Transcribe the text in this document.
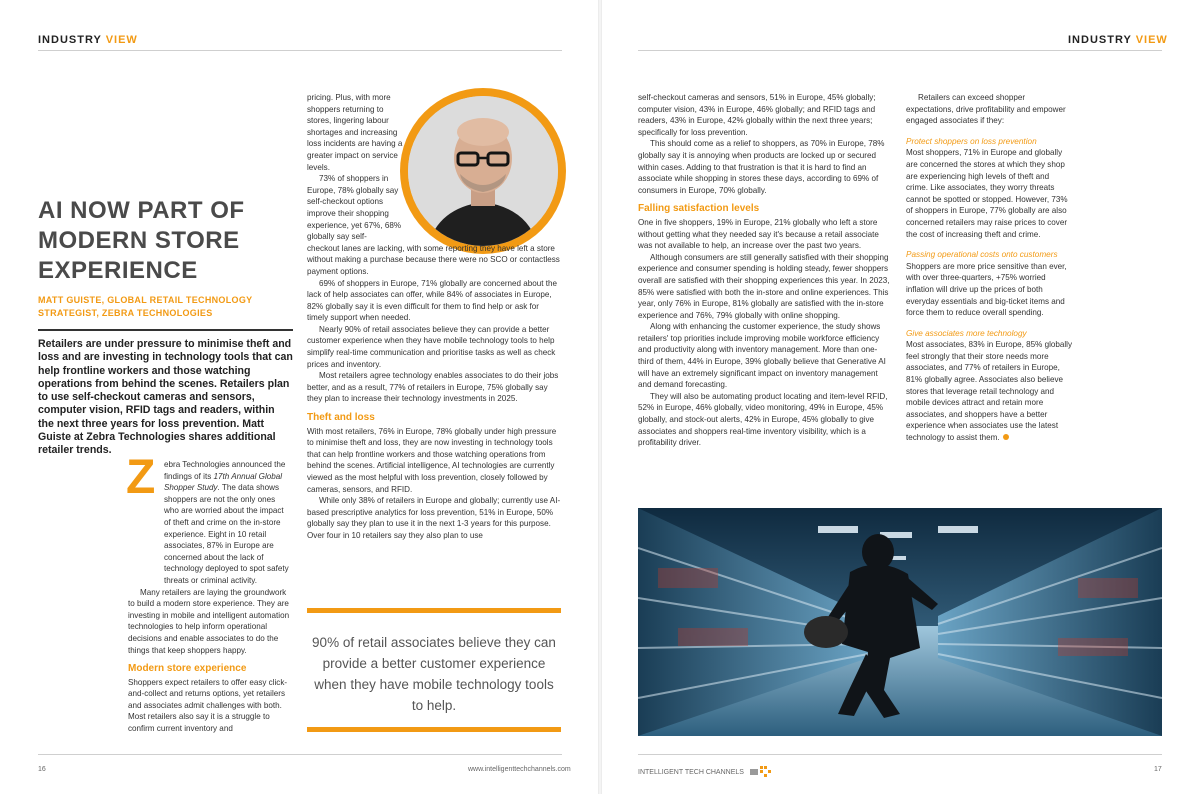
INDUSTRY VIEW
AI NOW PART OF MODERN STORE EXPERIENCE
MATT GUISTE, GLOBAL RETAIL TECHNOLOGY STRATEGIST, ZEBRA TECHNOLOGIES
Retailers are under pressure to minimise theft and loss and are investing in technology tools that can help frontline workers and those watching operations from behind the scenes. Retailers plan to use self-checkout cameras and sensors, computer vision, RFID tags and readers, within the next three years for loss prevention. Matt Guiste at Zebra Technologies shares additional retailer trends.

ebra Technologies announced the findings of its 17th Annual Global Shopper Study. The data shows shoppers are not the only ones who are worried about the impact of theft and crime on the in-store experience. Eight in 10 retail associates, 87% in Europe are concerned about the lack of technology deployed to spot safety threats or criminal activity.

Many retailers are laying the groundwork to build a modern store experience. They are investing in mobile and intelligent automation technologies to help inform operational decisions and enable associates to do the things that keep shoppers happy.

Modern store experience

Shoppers expect retailers to offer easy click-and-collect and returns options, yet retailers and associates admit challenges with both. Most retailers also say it is a struggle to confirm current inventory and

Z

pricing. Plus, with more shoppers returning to stores, lingering labour shortages and increasing loss incidents are having a greater impact on service levels.

73% of shoppers in Europe, 78% globally say self-checkout options improve their shopping experience, yet 67%, 68% globally say self-

checkout lanes are lacking, with some reporting they have left a store without making a purchase because there were no SCO or contactless payment options.

69% of shoppers in Europe, 71% globally are concerned about the lack of help associates can offer, while 84% of associates in Europe, 82% globally say it is even difficult for them to find help or ask for timely support when needed.

Nearly 90% of retail associates believe they can provide a better customer experience when they have mobile technology tools to help simplify real-time communication and prioritise tasks as well as check prices and inventory.

Most retailers agree technology enables associates to do their jobs better, and as a result, 77% of retailers in Europe, 75% globally say they plan to increase their technology investments in 2025.

Theft and loss

With most retailers, 76% in Europe, 78% globally under high pressure to minimise theft and loss, they are now investing in technology tools that can help frontline workers and those watching operations from behind the scenes. Artificial intelligence, AI technologies are currently viewed as the most helpful with loss prevention, closely followed by cameras, sensors, and RFID.

While only 38% of retailers in Europe and globally; currently use AI-based prescriptive analytics for loss prevention, 51% in Europe, 50% globally say they plan to use it in the next 1-3 years for this purpose. Over four in 10 retailers say they also plan to use

90% of retail associates believe they can provide a better customer experience when they have mobile technology tools to help.
16	www.intelligenttechchannels.com
INDUSTRY VIEW

self-checkout cameras and sensors, 51% in Europe, 45% globally; computer vision, 43% in Europe, 46% globally; and RFID tags and readers, 43% in Europe, 42% globally within the next three years; specifically for loss prevention.

This should come as a relief to shoppers, as 70% in Europe, 78% globally say it is annoying when products are locked up or secured within cases. Adding to that frustration is that it is hard to find an associate while shopping in stores these days, according to 69% of consumers in Europe, 70% globally.

Falling satisfaction levels

One in five shoppers, 19% in Europe, 21% globally who left a store without getting what they needed say it's because a retail associate was not available to help, an increase over the past two years.

Although consumers are still generally satisfied with their shopping experience and consumer spending is holding steady, fewer shoppers overall are satisfied with their shopping experiences this year. In 2023, 85% were satisfied with both the in-store and online experiences. This year, only 76% in Europe, 81% globally are satisfied with the in-store experience and 76%, 79% globally with online shopping.

Along with enhancing the customer experience, the study shows retailers' top priorities include improving mobile workforce efficiency and productivity along with inventory management. More than one-third of them, 44% in Europe, 39% globally believe that Generative AI will have an extremely significant impact on inventory management and demand forecasting.

They will also be automating product locating and item-level RFID, 52% in Europe, 46% globally, video monitoring, 49% in Europe, 45% globally, and stock-out alerts, 42% in Europe, 45% globally to give associates and shoppers real-time inventory visibility, which is a profitability driver.

Retailers can exceed shopper expectations, drive profitability and empower engaged associates if they:

Protect shoppers on loss prevention

Most shoppers, 71% in Europe and globally are concerned the stores at which they shop are experiencing high levels of theft and crime. Like associates, they worry threats cannot be spotted or stopped. However, 73% of shoppers in Europe, 77% globally are also concerned retailers may raise prices to cover the cost of increasing theft and crime.

Passing operational costs onto customers

Shoppers are more price sensitive than ever, with over three-quarters, +75% worried inflation will drive up the prices of both everyday essentials and big-ticket items and force them to reduce overall spending.

Give associates more technology

Most associates, 83% in Europe, 85% globally feel strongly that their store needs more associates, and 77% of retailers in Europe, 81% globally agree. Associates also believe stores that leverage retail technology and mobile devices attract and retain more associates, and shoppers have a better experience when associates use the latest technology to assist them.

INTELLIGENT TECH CHANNELS	17
